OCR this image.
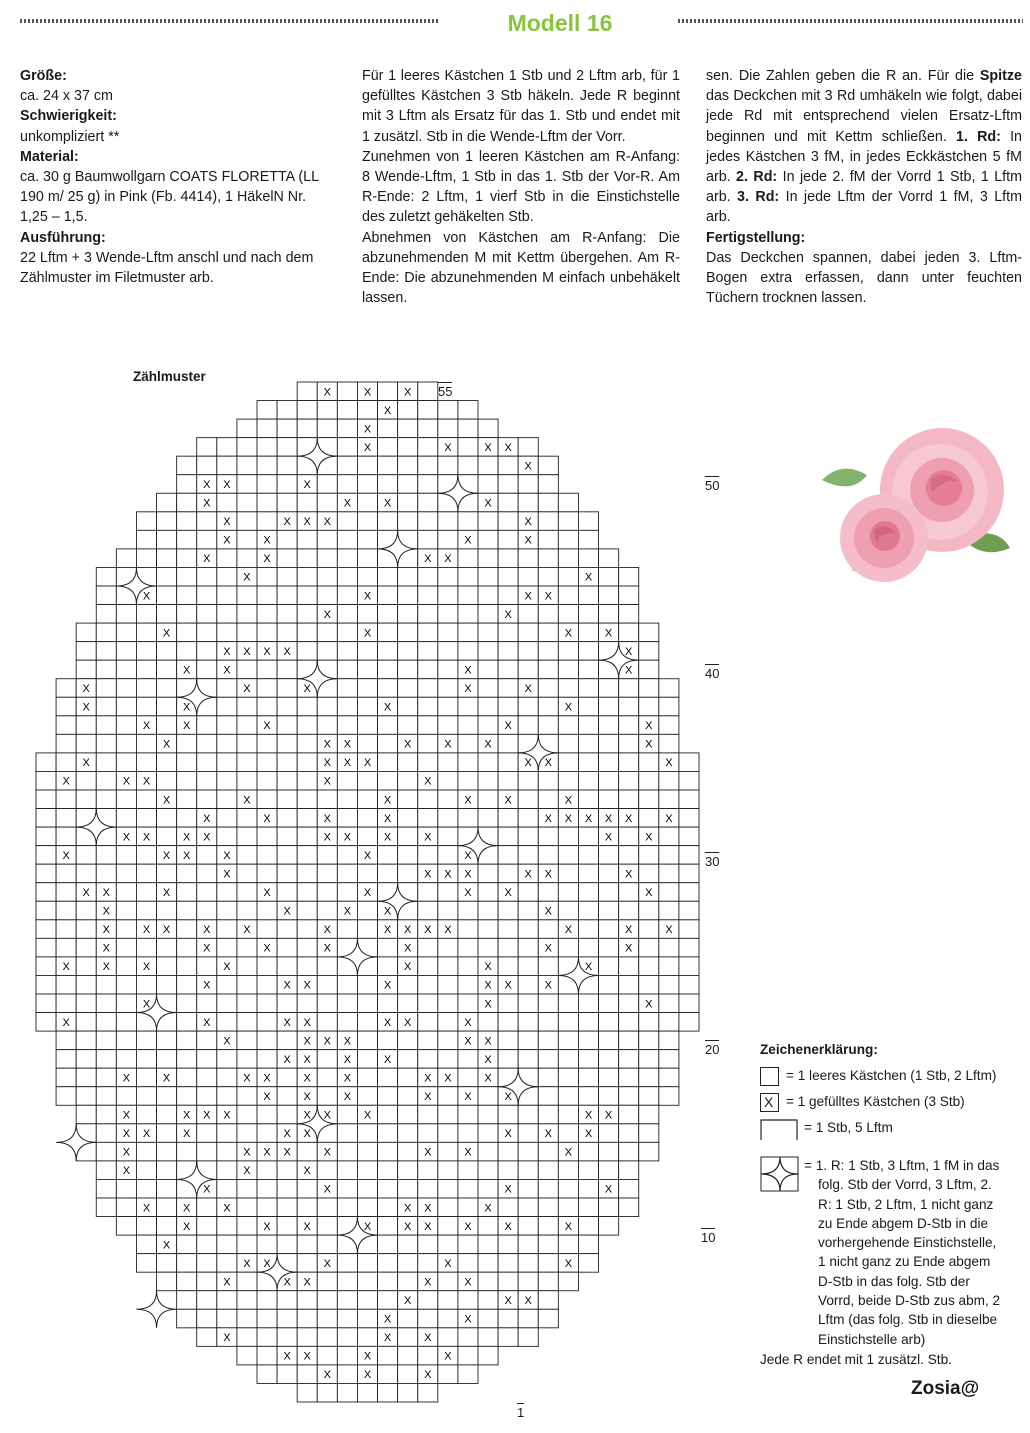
Modell 16

Größe:

ca. 24 x 37 cm

Schwierigkeit:

unkompliziert **

Material:

ca. 30 g Baumwollgarn COATS FLORETTA (LL 190 m/ 25 g) in Pink (Fb. 4414), 1 HäkelN Nr. 1,25 – 1,5.

Ausführung:

22 Lftm + 3 Wende-Lftm anschl und nach dem Zählmuster im Filetmuster arb.

Für 1 leeres Kästchen 1 Stb und 2 Lftm arb, für 1 gefülltes Kästchen 3 Stb häkeln. Jede R beginnt mit 3 Lftm als Ersatz für das 1. Stb und endet mit 1 zusätzl. Stb in die Wende-Lftm der Vorr.

Zunehmen von 1 leeren Kästchen am R-Anfang: 8 Wende-Lftm, 1 Stb in das 1. Stb der Vor-R. Am R-Ende: 2 Lftm, 1 vierf Stb in die Einstichstelle des zuletzt gehäkelten Stb.

Abnehmen von Kästchen am R-Anfang: Die abzunehmenden M mit Kettm übergehen. Am R-Ende: Die abzunehmenden M einfach unbehäkelt lassen.

sen. Die Zahlen geben die R an. Für die Spitze das Deckchen mit 3 Rd umhäkeln wie folgt, dabei jede Rd mit entsprechend vielen Ersatz-Lftm beginnen und mit Kettm schließen. 1. Rd: In jedes Kästchen 3 fM, in jedes Eckkästchen 5 fM arb. 2. Rd: In jede 2. fM der Vorrd 1 Stb, 1 Lftm arb. 3. Rd: In jede Lftm der Vorrd 1 fM, 3 Lftm arb.

Fertigstellung:

Das Deckchen spannen, dabei jeden 3. Lftm-Bogen extra erfassen, dann unter feuchten Tüchern trocknen lassen.

Zählmuster
X	X	X
X
X
X	X	X X
X
X X	X
X	X	X	X
X	X X X	X
X	X	X	X
X	X	X X
X	X
X	X	X X
X	X
X	X	X	X
X X X X	X
X	X	X	X
X	X	X	X	X
X	X	X	X
X	X	X	X	X
X	X X	X	X	X	X
X	X X X	X X	X
X	X X	X	X
X	X	X	X	X	X
X	X	X	X	X X X X X	X
X X	X X	X X	X	X	X	X
X	X X	X	X	X
X	X X X	X X	X
X X	X	X	X	X	X	X
X	X	X	X	X
X	X X	X	X	X	X X X X	X	X	X
X	X	X	X	X	X	X
X	X	X	X	X	X	X
X	X X	X	X X	X
X	X	X
X	X	X X	X X	X
X	X X X	X X
X X	X	X	X
X	X	X X	X	X	X X	X
X	X	X	X	X	X
X	X X X	X X	X	X X
X X	X	X X	X	X	X
X	X X X	X	X	X	X
X	X	X
X	X	X	X
X	X	X	X X	X
X	X	X	X	X X	X	X	X
X
X X	X	X	X
X	X X	X	X
X	X X
X	X
X	X	X
X X	X	X
X	X	X
55
50
40
30
20
10
1
Zeichenerklärung:
= 1 leeres Kästchen (1 Stb, 2 Lftm)
X
= 1 gefülltes Kästchen (3 Stb)
= 1 Stb, 5 Lftm
= 1. R: 1 Stb, 3 Lftm, 1 fM in das
folg. Stb der Vorrd, 3 Lftm, 2.
R: 1 Stb, 2 Lftm, 1 nicht ganz
zu Ende abgem D-Stb in die
vorhergehende Einstichstelle,
1 nicht ganz zu Ende abgem
D-Stb in das folg. Stb der
Vorrd, beide D-Stb zus abm, 2
Lftm (das folg. Stb in dieselbe
Einstichstelle arb)
Jede R endet mit 1 zusätzl. Stb.
Zosia@
